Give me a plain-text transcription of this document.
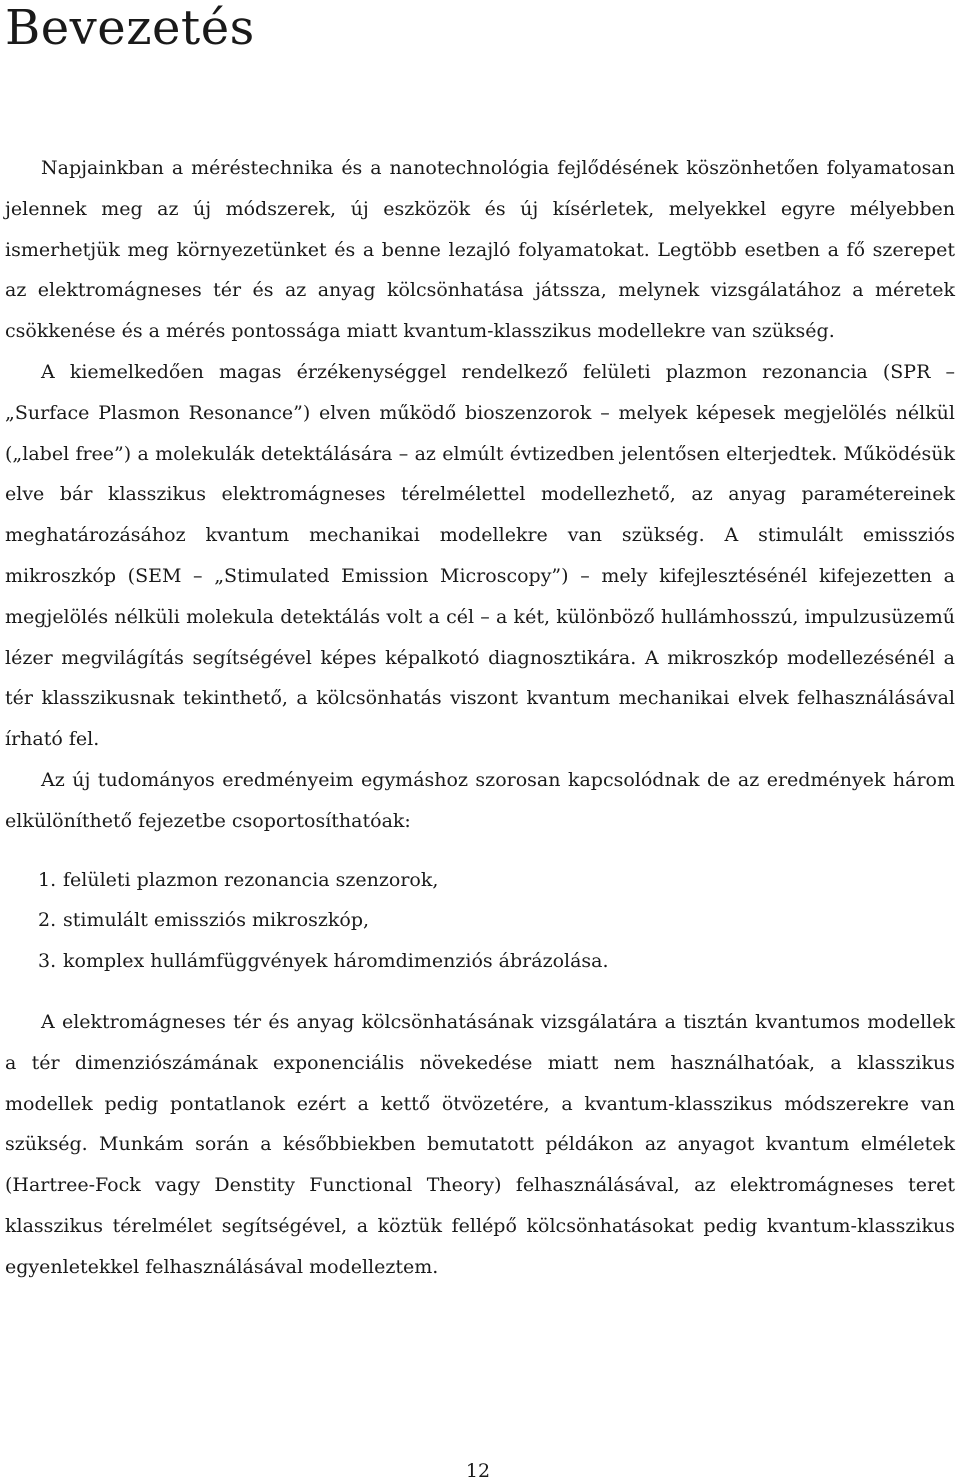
Bevezetés

Napjainkban a méréstechnika és a nanotechnológia fejlődésének köszönhetően folyamatosan jelennek meg az új módszerek, új eszközök és új kísérletek, melyekkel egyre mélyebben ismerhetjük meg környezetünket és a benne lezajló folyamatokat. Legtöbb esetben a fő szerepet az elektromágneses tér és az anyag kölcsönhatása játssza, melynek vizsgálatához a méretek csökkenése és a mérés pontossága miatt kvantum-klasszikus modellekre van szükség.

A kiemelkedően magas érzékenységgel rendelkező felületi plazmon rezonancia (SPR – „Surface Plasmon Resonance”) elven működő bioszenzorok – melyek képesek megjelölés nélkül („label free”) a molekulák detektálására – az elmúlt évtizedben jelentősen elterjedtek. Működésük elve bár klasszikus elektromágneses térelmélettel modellezhető, az anyag paramétereinek meghatározásához kvantum mechanikai modellekre van szükség. A stimulált emissziós mikroszkóp (SEM – „Stimulated Emission Microscopy”) – mely kifejlesztésénél kifejezetten a megjelölés nélküli molekula detektálás volt a cél – a két, különböző hullámhosszú, impulzusüzemű lézer megvilágítás segítségével képes képalkotó diagnosztikára. A mikroszkóp modellezésénél a tér klasszikusnak tekinthető, a kölcsönhatás viszont kvantum mechanikai elvek felhasználásával írható fel.

Az új tudományos eredményeim egymáshoz szorosan kapcsolódnak de az eredmények három elkülöníthető fejezetbe csoportosíthatóak:

1. felületi plazmon rezonancia szenzorok,
2. stimulált emissziós mikroszkóp,
3. komplex hullámfüggvények háromdimenziós ábrázolása.

A elektromágneses tér és anyag kölcsönhatásának vizsgálatára a tisztán kvantumos modellek a tér dimenziószámának exponenciális növekedése miatt nem használhatóak, a klasszikus modellek pedig pontatlanok ezért a kettő ötvözetére, a kvantum-klasszikus módszerekre van szükség. Munkám során a későbbiekben bemutatott példákon az anyagot kvantum elméletek (Hartree-Fock vagy Denstity Functional Theory) felhasználásával, az elektromágneses teret klasszikus térelmélet segítségével, a köztük fellépő kölcsönhatásokat pedig kvantum-klasszikus egyenletekkel felhasználásával modelleztem.

12
